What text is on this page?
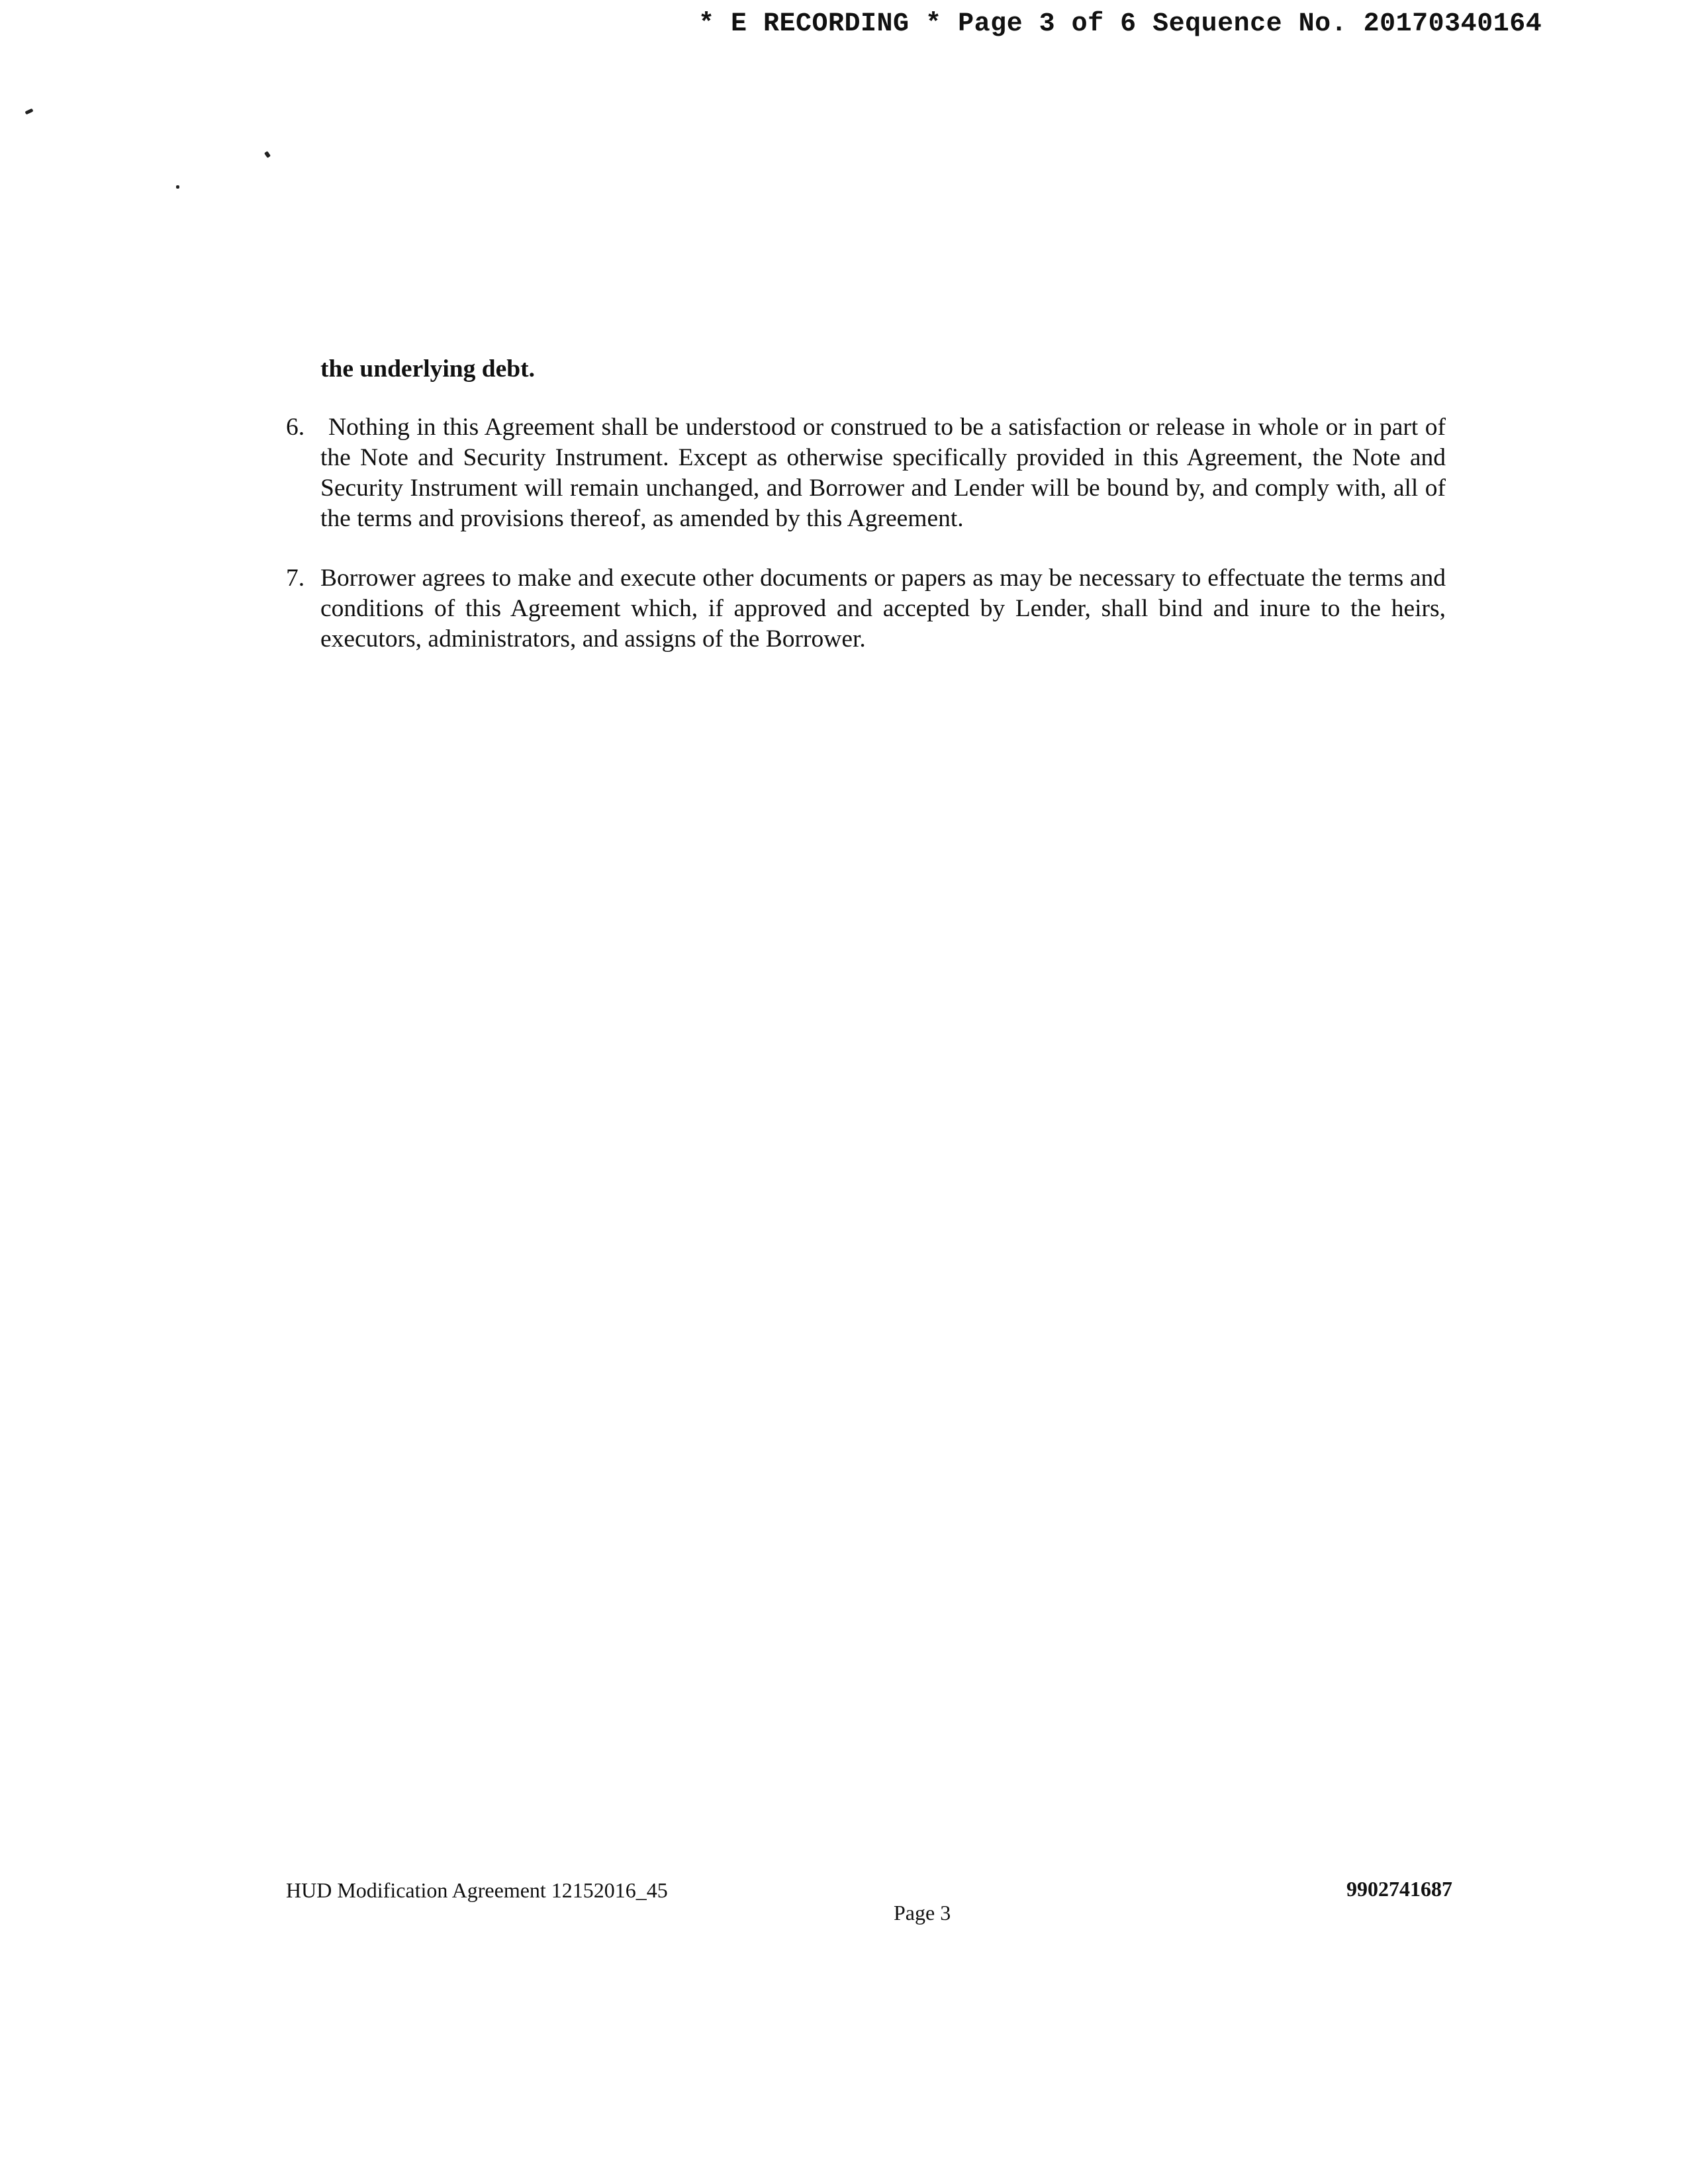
* E RECORDING * Page 3 of 6 Sequence No. 20170340164
the underlying debt.
6. Nothing in this Agreement shall be understood or construed to be a satisfaction or release in whole or in part of the Note and Security Instrument. Except as otherwise specifically provided in this Agreement, the Note and Security Instrument will remain unchanged, and Borrower and Lender will be bound by, and comply with, all of the terms and provisions thereof, as amended by this Agreement.
7. Borrower agrees to make and execute other documents or papers as may be necessary to effectuate the terms and conditions of this Agreement which, if approved and accepted by Lender, shall bind and inure to the heirs, executors, administrators, and assigns of the Borrower.
HUD Modification Agreement 12152016_45	9902741687
Page 3
